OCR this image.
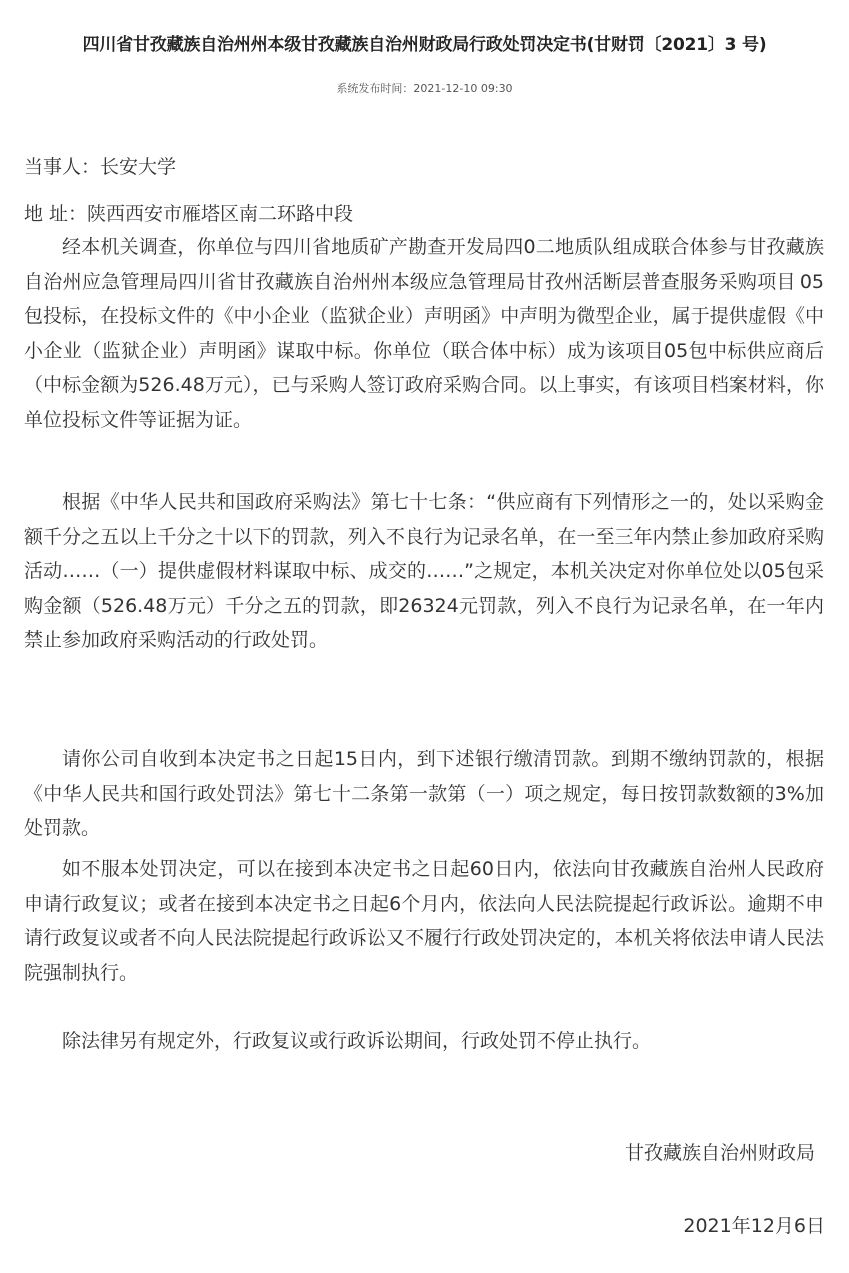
四川省甘孜藏族自治州州本级甘孜藏族自治州财政局行政处罚决定书(甘财罚〔2021〕3 号)
系统发布时间：2021-12-10 09:30
当事人：长安大学
地 址：陕西西安市雁塔区南二环路中段
经本机关调查，你单位与四川省地质矿产勘查开发局四0二地质队组成联合体参与甘孜藏族自治州应急管理局四川省甘孜藏族自治州州本级应急管理局甘孜州活断层普查服务采购项目 05包投标，在投标文件的《中小企业（监狱企业）声明函》中声明为微型企业，属于提供虚假《中小企业（监狱企业）声明函》谋取中标。你单位（联合体中标）成为该项目05包中标供应商后（中标金额为526.48万元），已与采购人签订政府采购合同。以上事实，有该项目档案材料，你单位投标文件等证据为证。
根据《中华人民共和国政府采购法》第七十七条：“供应商有下列情形之一的，处以采购金额千分之五以上千分之十以下的罚款，列入不良行为记录名单，在一至三年内禁止参加政府采购活动……（一）提供虚假材料谋取中标、成交的……”之规定，本机关决定对你单位处以05包采购金额（526.48万元）千分之五的罚款，即26324元罚款，列入不良行为记录名单，在一年内禁止参加政府采购活动的行政处罚。
请你公司自收到本决定书之日起15日内，到下述银行缴清罚款。到期不缴纳罚款的，根据《中华人民共和国行政处罚法》第七十二条第一款第（一）项之规定，每日按罚款数额的3%加处罚款。
如不服本处罚决定，可以在接到本决定书之日起60日内，依法向甘孜藏族自治州人民政府申请行政复议；或者在接到本决定书之日起6个月内，依法向人民法院提起行政诉讼。逾期不申请行政复议或者不向人民法院提起行政诉讼又不履行行政处罚决定的，本机关将依法申请人民法院强制执行。
除法律另有规定外，行政复议或行政诉讼期间，行政处罚不停止执行。
甘孜藏族自治州财政局
2021年12月6日
